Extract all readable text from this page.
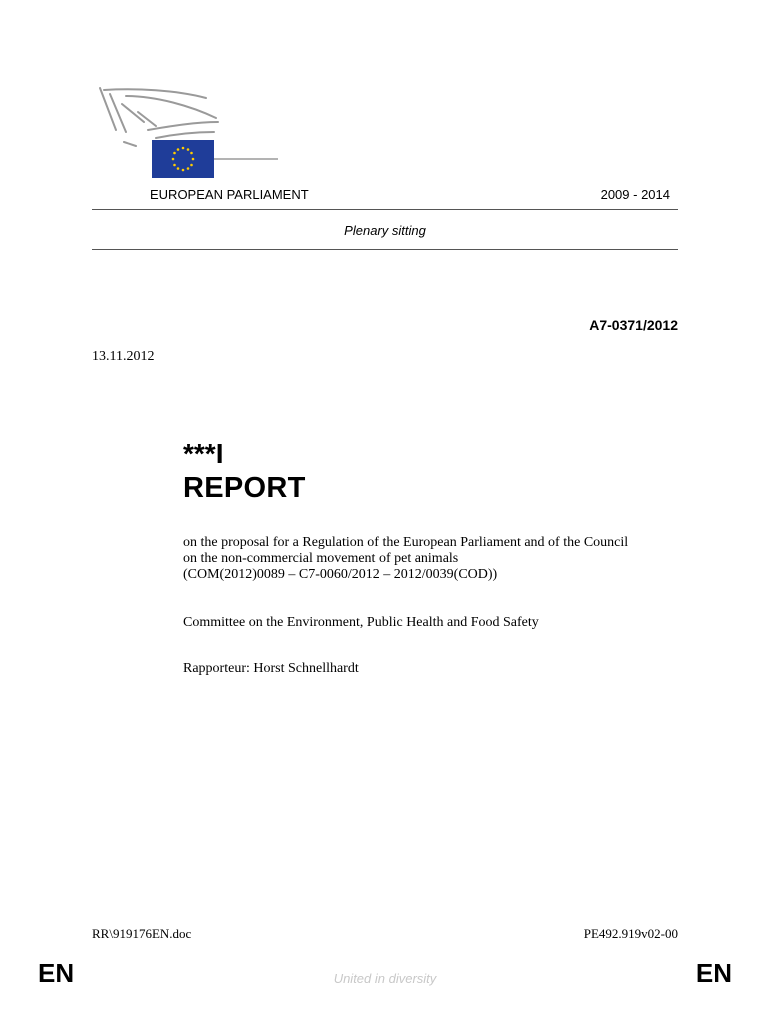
EUROPEAN PARLIAMENT	2009 - 2014
Plenary sitting
A7-0371/2012
13.11.2012
***I
REPORT
on the proposal for a Regulation of the European Parliament and of the Council
on the non-commercial movement of pet animals
(COM(2012)0089 – C7-0060/2012 – 2012/0039(COD))
Committee on the Environment, Public Health and Food Safety
Rapporteur: Horst Schnellhardt
RR\919176EN.doc	PE492.919v02-00
EN	United in diversity	EN
